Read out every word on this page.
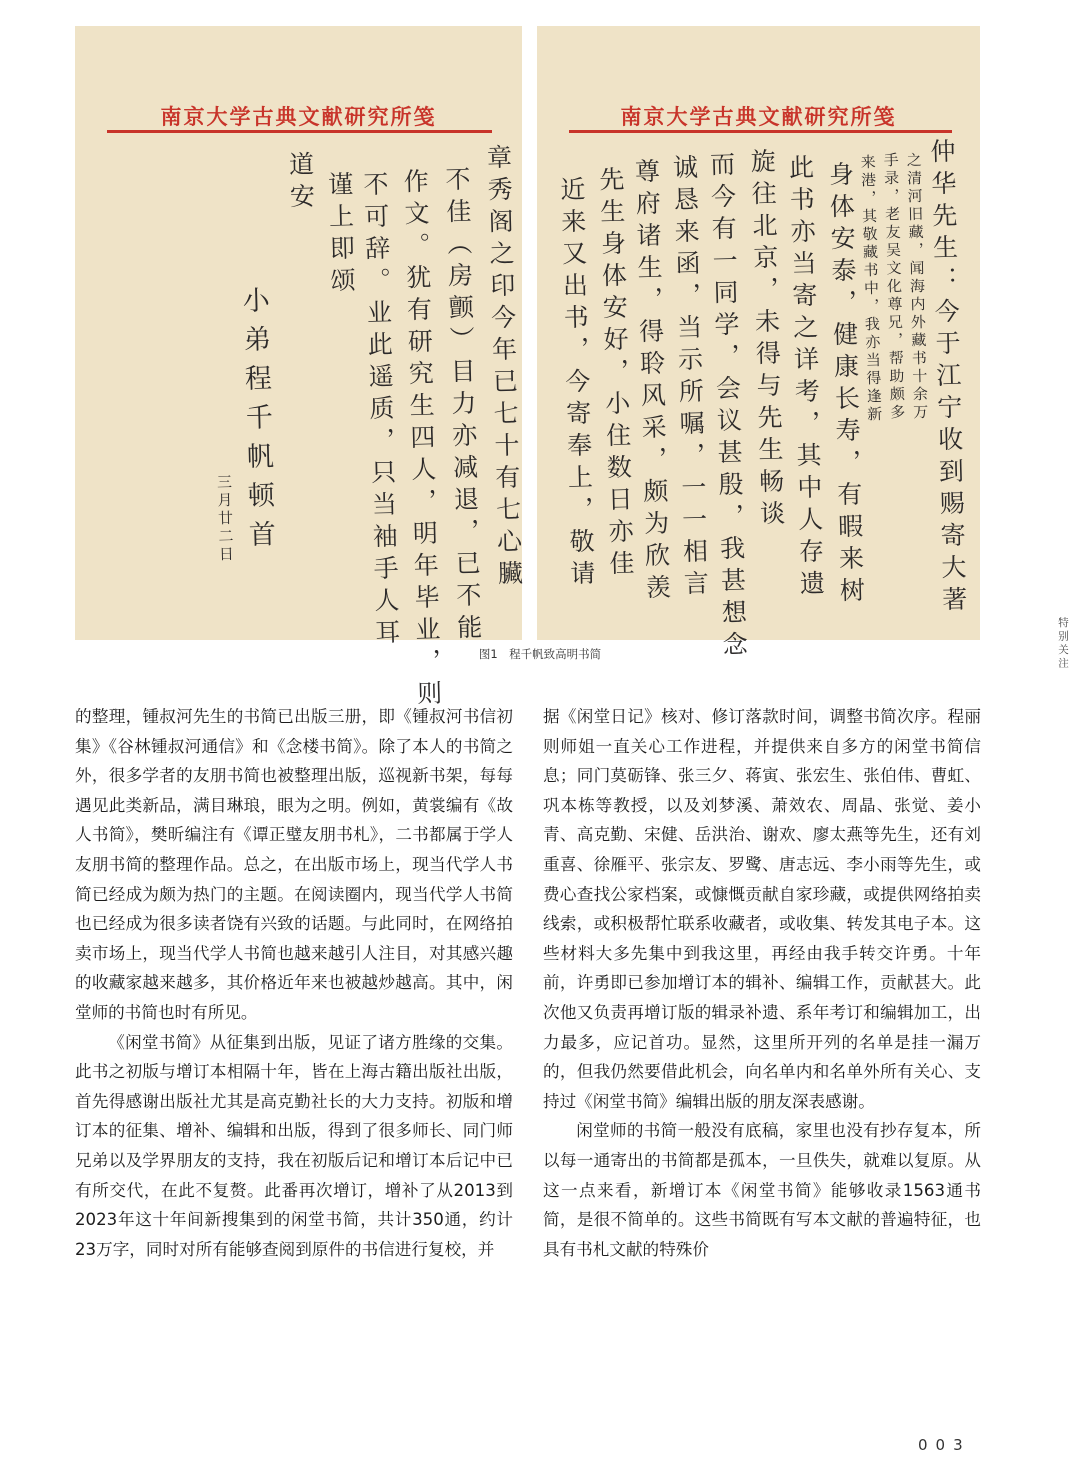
南京大学古典文献研究所笺
章秀阁之印今年已七十有七心臟
不佳（房颤）目力亦减退，已不能
作文。犹有研究生四人，明年毕业，则
不可辞。业此遥质，只当袖手人耳
谨上即颂
道安
小弟程千帆顿首
三月廿二日
南京大学古典文献研究所笺
仲华先生：今于江宁收到赐寄大著
之清河旧藏，闻海内外藏书十余万
手录，老友吴文化尊兄，帮助颇多
来港，其敬藏书中，我亦当得逢新
身体安泰，健康长寿，有暇来树
此书亦当寄之详考，其中人存遗
旋往北京，未得与先生畅谈
而今有一同学，会议甚殷，我甚想念
诚恳来函，当示所嘱，一一相言
尊府诸生，得聆风采，颇为欣羡
先生身体安好，小住数日亦佳
近来又出书，今寄奉上，敬请
图1　程千帆致高明书简	特别关注

的整理，锺叔河先生的书简已出版三册，即《锺叔河书信初集》《谷林锺叔河通信》和《念楼书简》。除了本人的书简之外，很多学者的友朋书简也被整理出版，巡视新书架，每每遇见此类新品，满目琳琅，眼为之明。例如，黄裳编有《故人书简》，樊昕编注有《谭正璧友朋书札》，二书都属于学人友朋书简的整理作品。总之，在出版市场上，现当代学人书简已经成为颇为热门的主题。在阅读圈内，现当代学人书简也已经成为很多读者饶有兴致的话题。与此同时，在网络拍卖市场上，现当代学人书简也越来越引人注目，对其感兴趣的收藏家越来越多，其价格近年来也被越炒越高。其中，闲堂师的书简也时有所见。

《闲堂书简》从征集到出版，见证了诸方胜缘的交集。此书之初版与增订本相隔十年，皆在上海古籍出版社出版，首先得感谢出版社尤其是高克勤社长的大力支持。初版和增订本的征集、增补、编辑和出版，得到了很多师长、同门师兄弟以及学界朋友的支持，我在初版后记和增订本后记中已有所交代，在此不复赘。此番再次增订，增补了从2013到2023年这十年间新搜集到的闲堂书简，共计350通，约计23万字，同时对所有能够查阅到原件的书信进行复校，并

据《闲堂日记》核对、修订落款时间，调整书简次序。程丽则师姐一直关心工作进程，并提供来自多方的闲堂书简信息；同门莫砺锋、张三夕、蒋寅、张宏生、张伯伟、曹虹、巩本栋等教授，以及刘梦溪、萧效农、周晶、张觉、姜小青、高克勤、宋健、岳洪治、谢欢、廖太燕等先生，还有刘重喜、徐雁平、张宗友、罗鹭、唐志远、李小雨等先生，或费心查找公家档案，或慷慨贡献自家珍藏，或提供网络拍卖线索，或积极帮忙联系收藏者，或收集、转发其电子本。这些材料大多先集中到我这里，再经由我手转交许勇。十年前，许勇即已参加增订本的辑补、编辑工作，贡献甚大。此次他又负责再增订版的辑录补遗、系年考订和编辑加工，出力最多，应记首功。显然，这里所开列的名单是挂一漏万的，但我仍然要借此机会，向名单内和名单外所有关心、支持过《闲堂书简》编辑出版的朋友深表感谢。

闲堂师的书简一般没有底稿，家里也没有抄存复本，所以每一通寄出的书简都是孤本，一旦佚失，就难以复原。从这一点来看，新增订本《闲堂书简》能够收录1563通书简，是很不简单的。这些书简既有写本文献的普遍特征，也具有书札文献的特殊价

003
